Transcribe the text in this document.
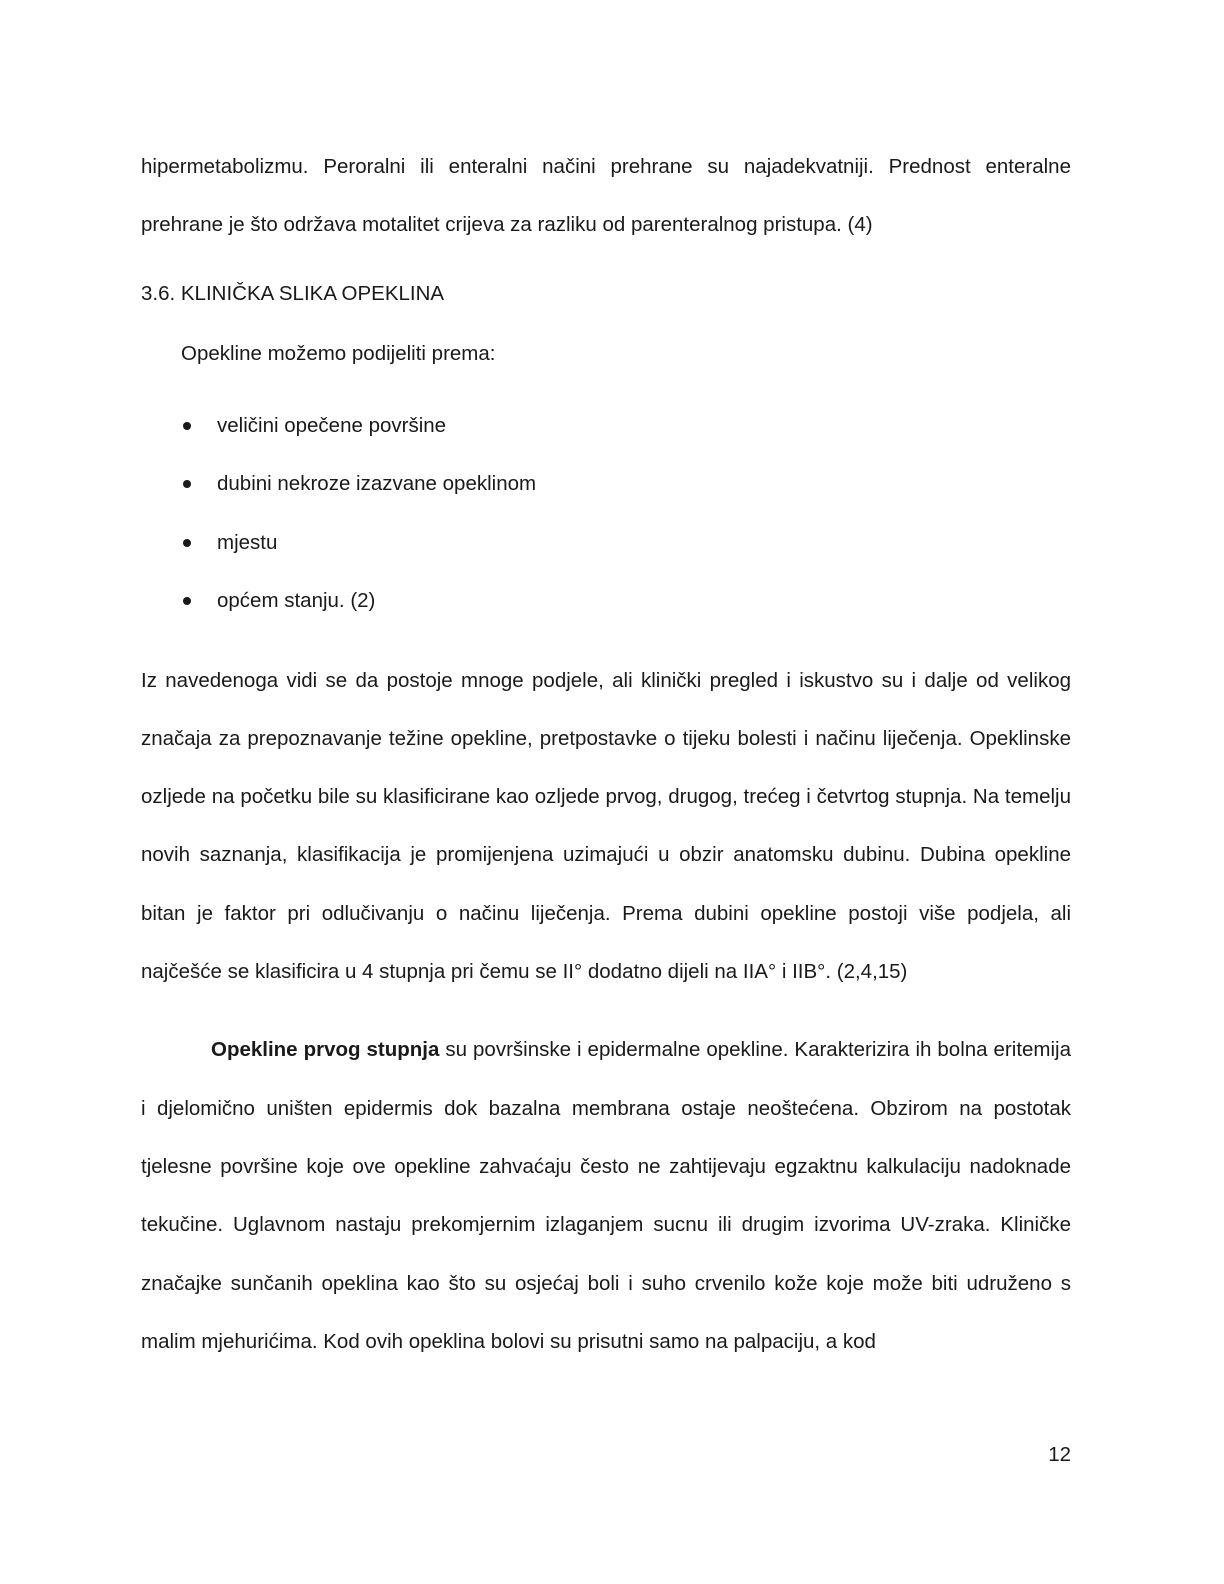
hipermetabolizmu. Peroralni ili enteralni načini prehrane su najadekvatniji. Prednost enteralne prehrane je što održava motalitet crijeva za razliku od parenteralnog pristupa. (4)

3.6. KLINIČKA SLIKA OPEKLINA

Opekline možemo podijeliti prema:

veličini opečene površine
dubini nekroze izazvane opeklinom
mjestu
općem stanju. (2)

Iz navedenoga vidi se da postoje mnoge podjele, ali klinički pregled i iskustvo su i dalje od velikog značaja za prepoznavanje težine opekline, pretpostavke o tijeku bolesti i načinu liječenja. Opeklinske ozljede na početku bile su klasificirane kao ozljede prvog, drugog, trećeg i četvrtog stupnja. Na temelju novih saznanja, klasifikacija je promijenjena uzimajući u obzir anatomsku dubinu. Dubina opekline bitan je faktor pri odlučivanju o načinu liječenja. Prema dubini opekline postoji više podjela, ali najčešće se klasificira u 4 stupnja pri čemu se II° dodatno dijeli na IIA° i IIB°. (2,4,15)

Opekline prvog stupnja su površinske i epidermalne opekline. Karakterizira ih bolna eritemija i djelomično uništen epidermis dok bazalna membrana ostaje neoštećena. Obzirom na postotak tjelesne površine koje ove opekline zahvaćaju često ne zahtijevaju egzaktnu kalkulaciju nadoknade tekučine. Uglavnom nastaju prekomjernim izlaganjem sucnu ili drugim izvorima UV-zraka. Kliničke značajke sunčanih opeklina kao što su osjećaj boli i suho crvenilo kože koje može biti udruženo s malim mjehurićima. Kod ovih opeklina bolovi su prisutni samo na palpaciju, a kod

12
